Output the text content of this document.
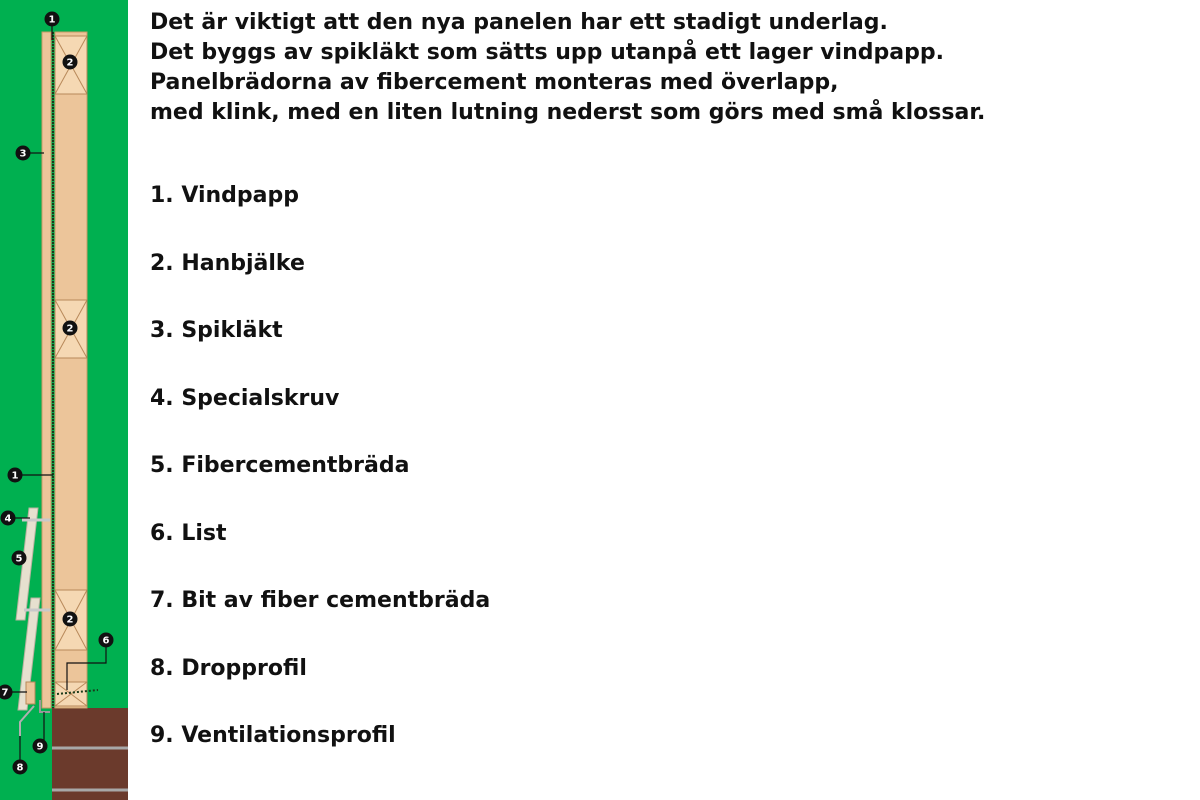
1
2
2
3
2
1
4
5
6
7
9
8

Det är viktigt att den nya panelen har ett stadigt underlag.

Det byggs av spikläkt som sätts upp utanpå ett lager vindpapp.

Panelbrädorna av fibercement monteras med överlapp,

med klink, med en liten lutning nederst som görs med små klossar.

1. Vindpapp
2. Hanbjälke
3. Spikläkt
4. Specialskruv
5. Fibercementbräda
6. List
7. Bit av fiber cementbräda
8. Dropprofil
9. Ventilationsprofil
